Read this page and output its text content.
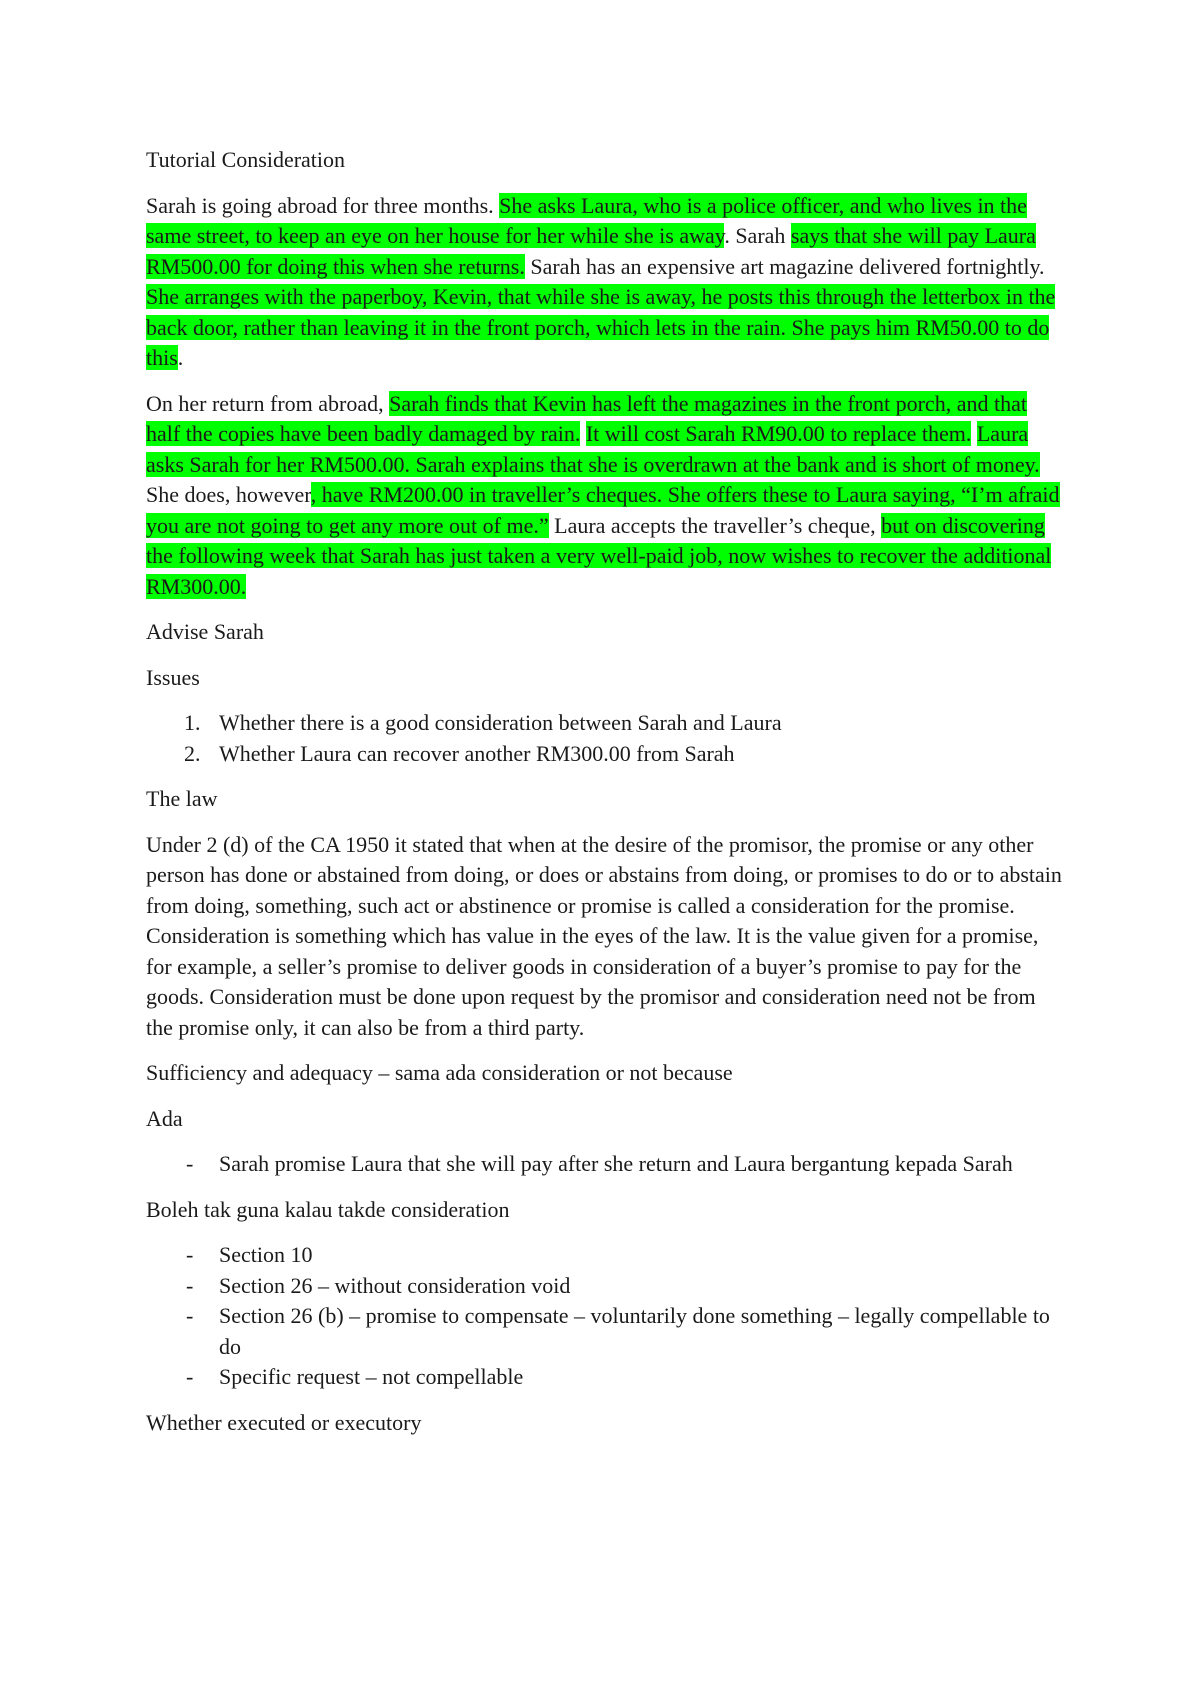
Tutorial Consideration

Sarah is going abroad for three months. She asks Laura, who is a police officer, and who lives in the same street, to keep an eye on her house for her while she is away. Sarah says that she will pay Laura RM500.00 for doing this when she returns. Sarah has an expensive art magazine delivered fortnightly. She arranges with the paperboy, Kevin, that while she is away, he posts this through the letterbox in the back door, rather than leaving it in the front porch, which lets in the rain. She pays him RM50.00 to do this.

On her return from abroad, Sarah finds that Kevin has left the magazines in the front porch, and that half the copies have been badly damaged by rain. It will cost Sarah RM90.00 to replace them. Laura asks Sarah for her RM500.00. Sarah explains that she is overdrawn at the bank and is short of money. She does, however, have RM200.00 in traveller’s cheques. She offers these to Laura saying, “I’m afraid you are not going to get any more out of me.” Laura accepts the traveller’s cheque, but on discovering the following week that Sarah has just taken a very well-paid job, now wishes to recover the additional RM300.00.

Advise Sarah

Issues

1. Whether there is a good consideration between Sarah and Laura
2. Whether Laura can recover another RM300.00 from Sarah

The law

Under 2 (d) of the CA 1950 it stated that when at the desire of the promisor, the promise or any other person has done or abstained from doing, or does or abstains from doing, or promises to do or to abstain from doing, something, such act or abstinence or promise is called a consideration for the promise. Consideration is something which has value in the eyes of the law. It is the value given for a promise, for example, a seller’s promise to deliver goods in consideration of a buyer’s promise to pay for the goods. Consideration must be done upon request by the promisor and consideration need not be from the promise only, it can also be from a third party.

Sufficiency and adequacy – sama ada consideration or not because

Ada

- Sarah promise Laura that she will pay after she return and Laura bergantung kepada Sarah

Boleh tak guna kalau takde consideration

- Section 10
- Section 26 – without consideration void
- Section 26 (b) – promise to compensate – voluntarily done something – legally compellable to do
- Specific request – not compellable

Whether executed or executory
